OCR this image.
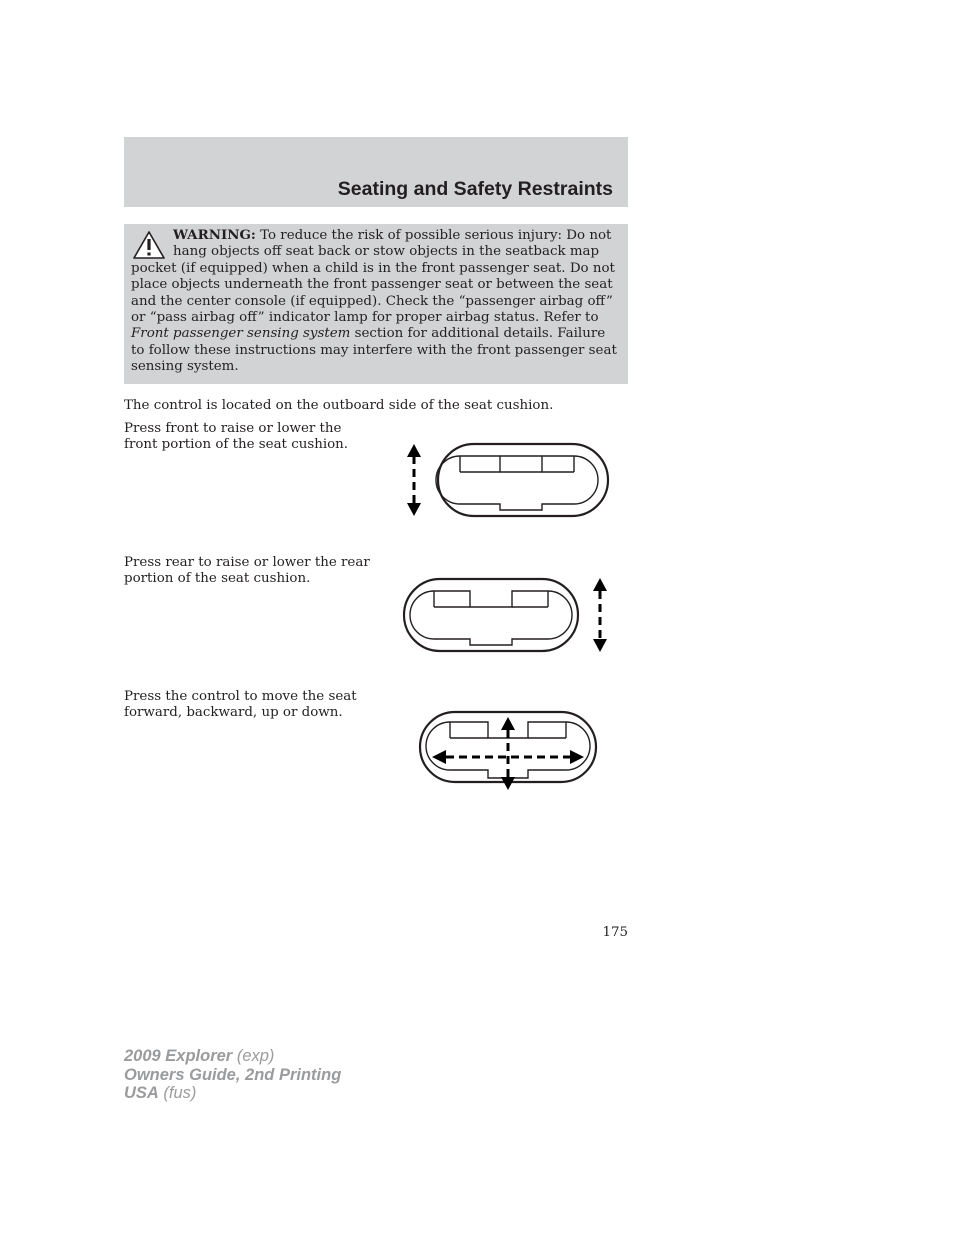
Seating and Safety Restraints
WARNING: To reduce the risk of possible serious injury: Do not hang objects off seat back or stow objects in the seatback map pocket (if equipped) when a child is in the front passenger seat. Do not place objects underneath the front passenger seat or between the seat and the center console (if equipped). Check the “passenger airbag off” or “pass airbag off” indicator lamp for proper airbag status. Refer to Front passenger sensing system section for additional details. Failure to follow these instructions may interfere with the front passenger seat sensing system.
The control is located on the outboard side of the seat cushion.
Press front to raise or lower the front portion of the seat cushion.
Press rear to raise or lower the rear portion of the seat cushion.
Press the control to move the seat forward, backward, up or down.
175
2009 Explorer (exp)
Owners Guide, 2nd Printing
USA (fus)
